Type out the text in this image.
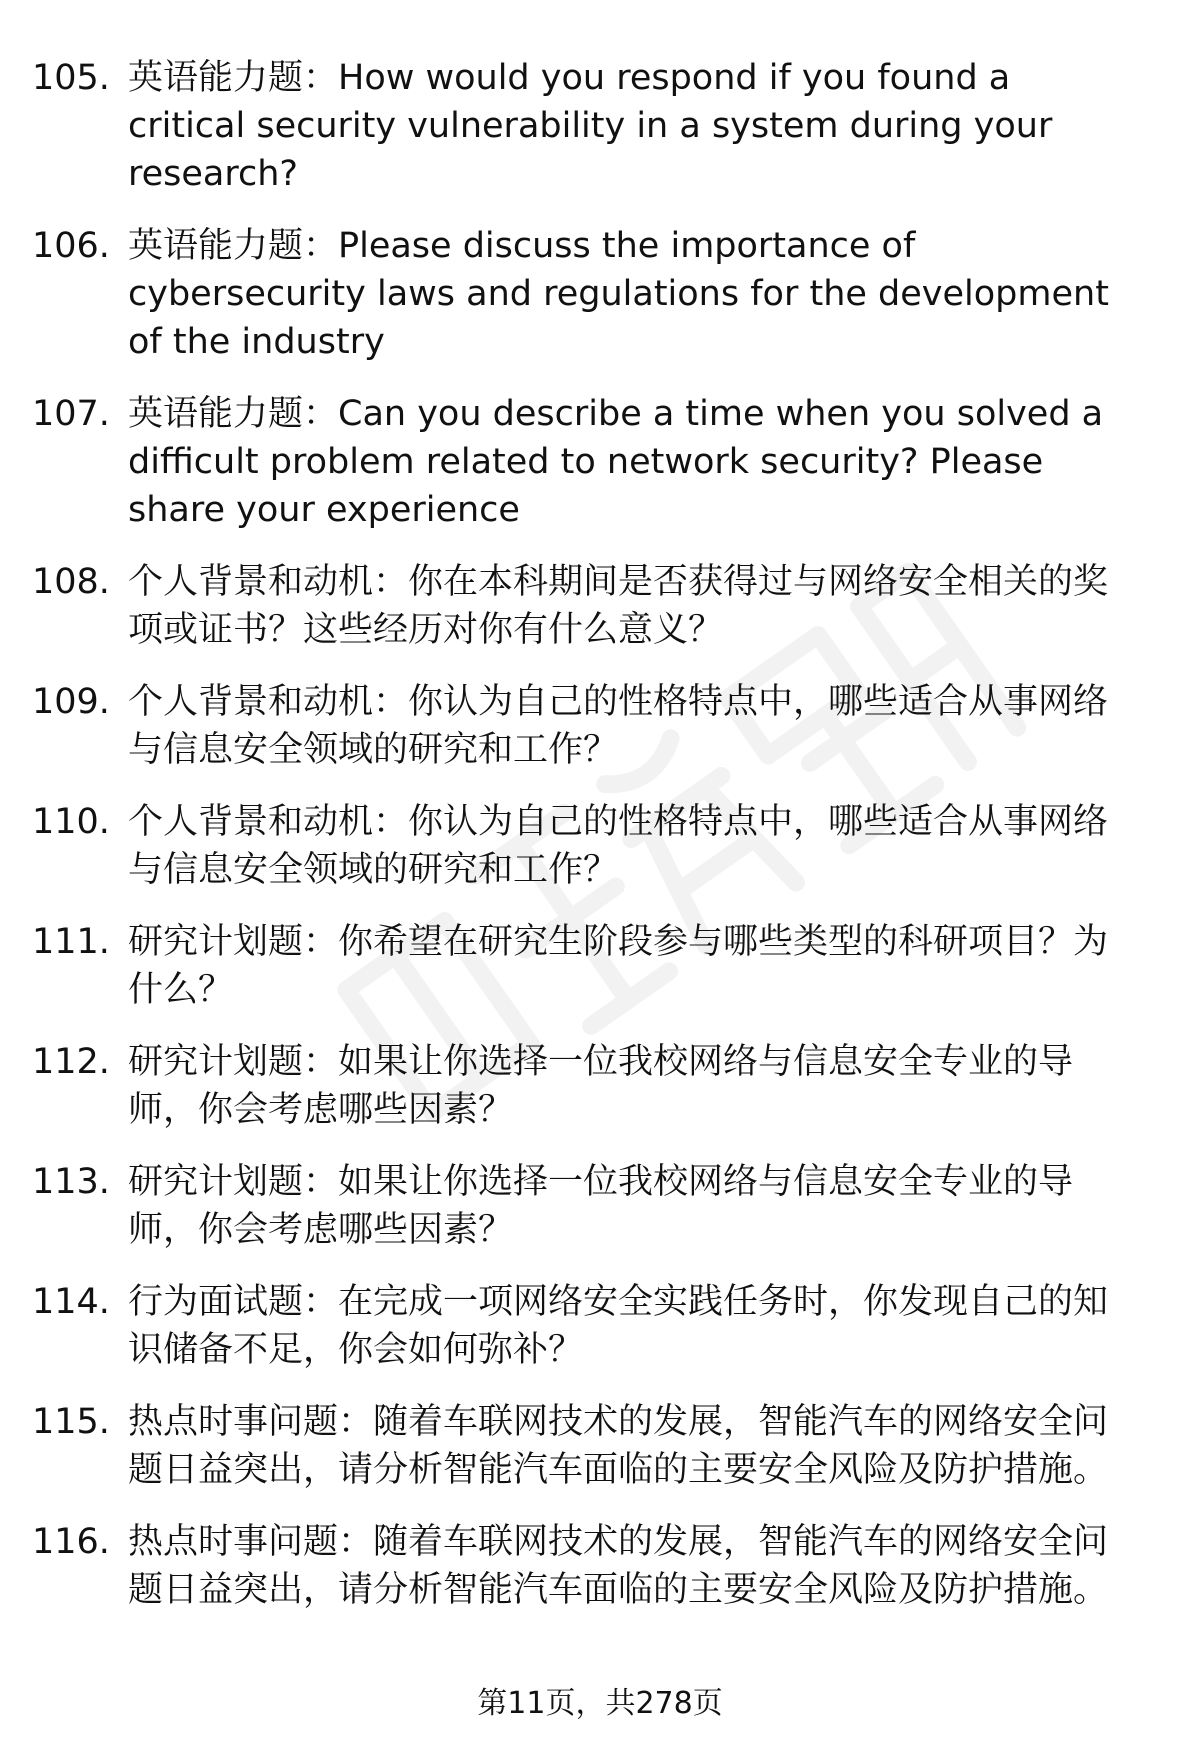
105. 英语能力题：How would you respond if you found a critical security vulnerability in a system during your research?
106. 英语能力题：Please discuss the importance of cybersecurity laws and regulations for the development of the industry
107. 英语能力题：Can you describe a time when you solved a difficult problem related to network security? Please share your experience
108. 个人背景和动机：你在本科期间是否获得过与网络安全相关的奖项或证书？这些经历对你有什么意义？
109. 个人背景和动机：你认为自己的性格特点中，哪些适合从事网络与信息安全领域的研究和工作？
110. 个人背景和动机：你认为自己的性格特点中，哪些适合从事网络与信息安全领域的研究和工作？
111. 研究计划题：你希望在研究生阶段参与哪些类型的科研项目？为什么？
112. 研究计划题：如果让你选择一位我校网络与信息安全专业的导师，你会考虑哪些因素？
113. 研究计划题：如果让你选择一位我校网络与信息安全专业的导师，你会考虑哪些因素？
114. 行为面试题：在完成一项网络安全实践任务时，你发现自己的知识储备不足，你会如何弥补？
115. 热点时事问题：随着车联网技术的发展，智能汽车的网络安全问题日益突出，请分析智能汽车面临的主要安全风险及防护措施。
116. 热点时事问题：随着车联网技术的发展，智能汽车的网络安全问题日益突出，请分析智能汽车面临的主要安全风险及防护措施。
第11页，共278页
